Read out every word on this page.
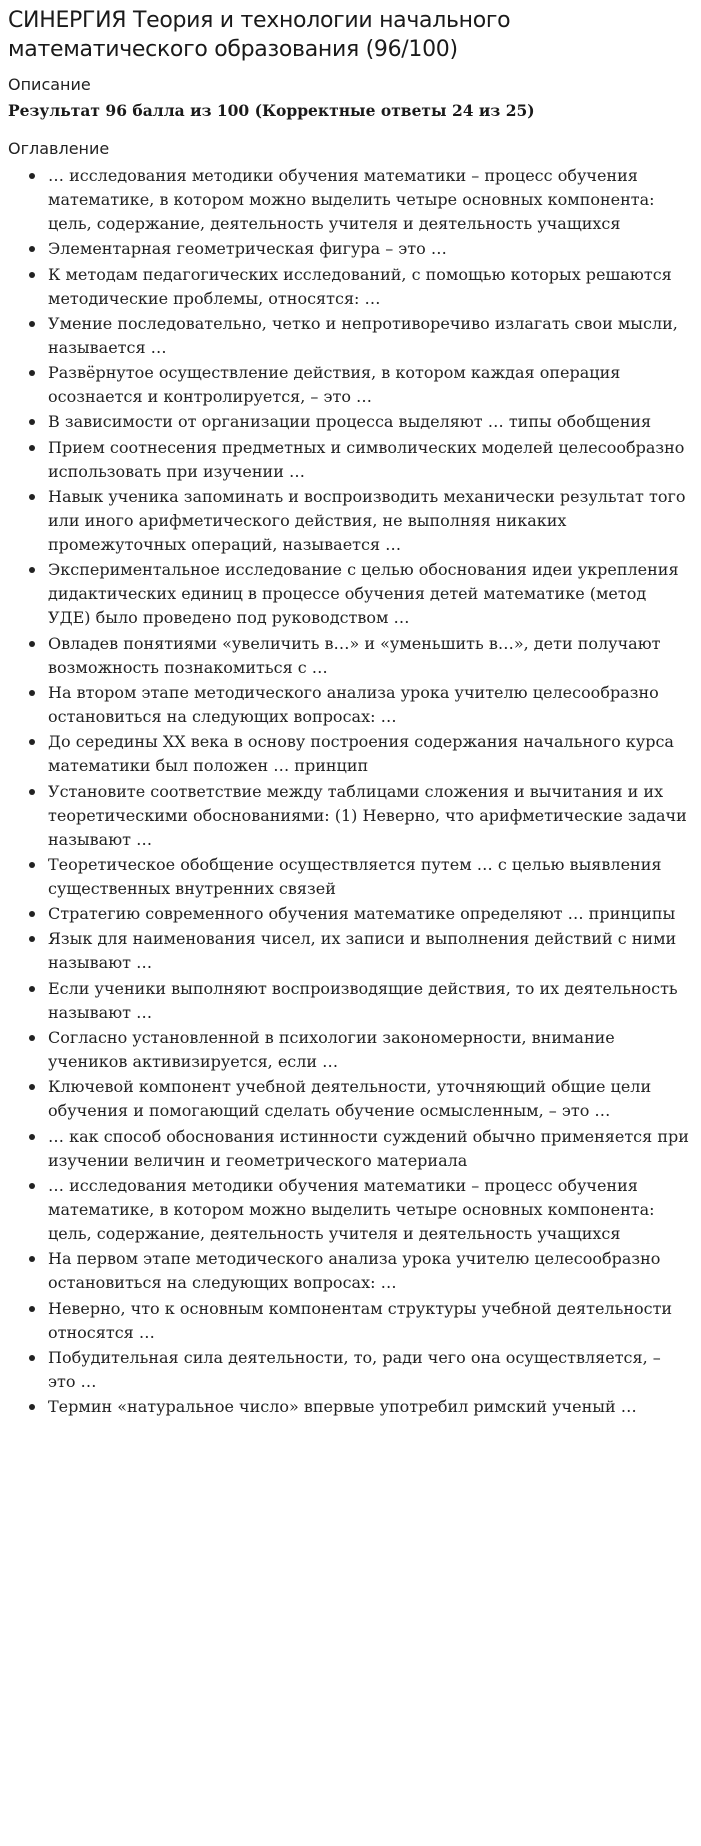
СИНЕРГИЯ Теория и технологии начального математического образования (96/100)
Описание
Результат 96 балла из 100 (Корректные ответы 24 из 25)
Оглавление
… исследования методики обучения математики – процесс обучения математике, в котором можно выделить четыре основных компонента: цель, содержание, деятельность учителя и деятельность учащихся
Элементарная геометрическая фигура – это …
К методам педагогических исследований, с помощью которых решаются методические проблемы, относятся: …
Умение последовательно, четко и непротиворечиво излагать свои мысли, называется …
Развёрнутое осуществление действия, в котором каждая операция осознается и контролируется, – это …
В зависимости от организации процесса выделяют … типы обобщения
Прием соотнесения предметных и символических моделей целесообразно использовать при изучении …
Навык ученика запоминать и воспроизводить механически результат того или иного арифметического действия, не выполняя никаких промежуточных операций, называется …
Экспериментальное исследование с целью обоснования идеи укрепления дидактических единиц в процессе обучения детей математике (метод УДЕ) было проведено под руководством …
Овладев понятиями «увеличить в…» и «уменьшить в…», дети получают возможность познакомиться с …
На втором этапе методического анализа урока учителю целесообразно остановиться на следующих вопросах: …
До середины XX века в основу построения содержания начального курса математики был положен … принцип
Установите соответствие между таблицами сложения и вычитания и их теоретическими обоснованиями: (1) Неверно, что арифметические задачи называют …
Теоретическое обобщение осуществляется путем … с целью выявления существенных внутренних связей
Стратегию современного обучения математике определяют … принципы
Язык для наименования чисел, их записи и выполнения действий с ними называют …
Если ученики выполняют воспроизводящие действия, то их деятельность называют …
Согласно установленной в психологии закономерности, внимание учеников активизируется, если …
Ключевой компонент учебной деятельности, уточняющий общие цели обучения и помогающий сделать обучение осмысленным, – это …
… как способ обоснования истинности суждений обычно применяется при изучении величин и геометрического материала
… исследования методики обучения математики – процесс обучения математике, в котором можно выделить четыре основных компонента: цель, содержание, деятельность учителя и деятельность учащихся
На первом этапе методического анализа урока учителю целесообразно остановиться на следующих вопросах: …
Неверно, что к основным компонентам структуры учебной деятельности относятся …
Побудительная сила деятельности, то, ради чего она осуществляется, – это …
Термин «натуральное число» впервые употребил римский ученый …
